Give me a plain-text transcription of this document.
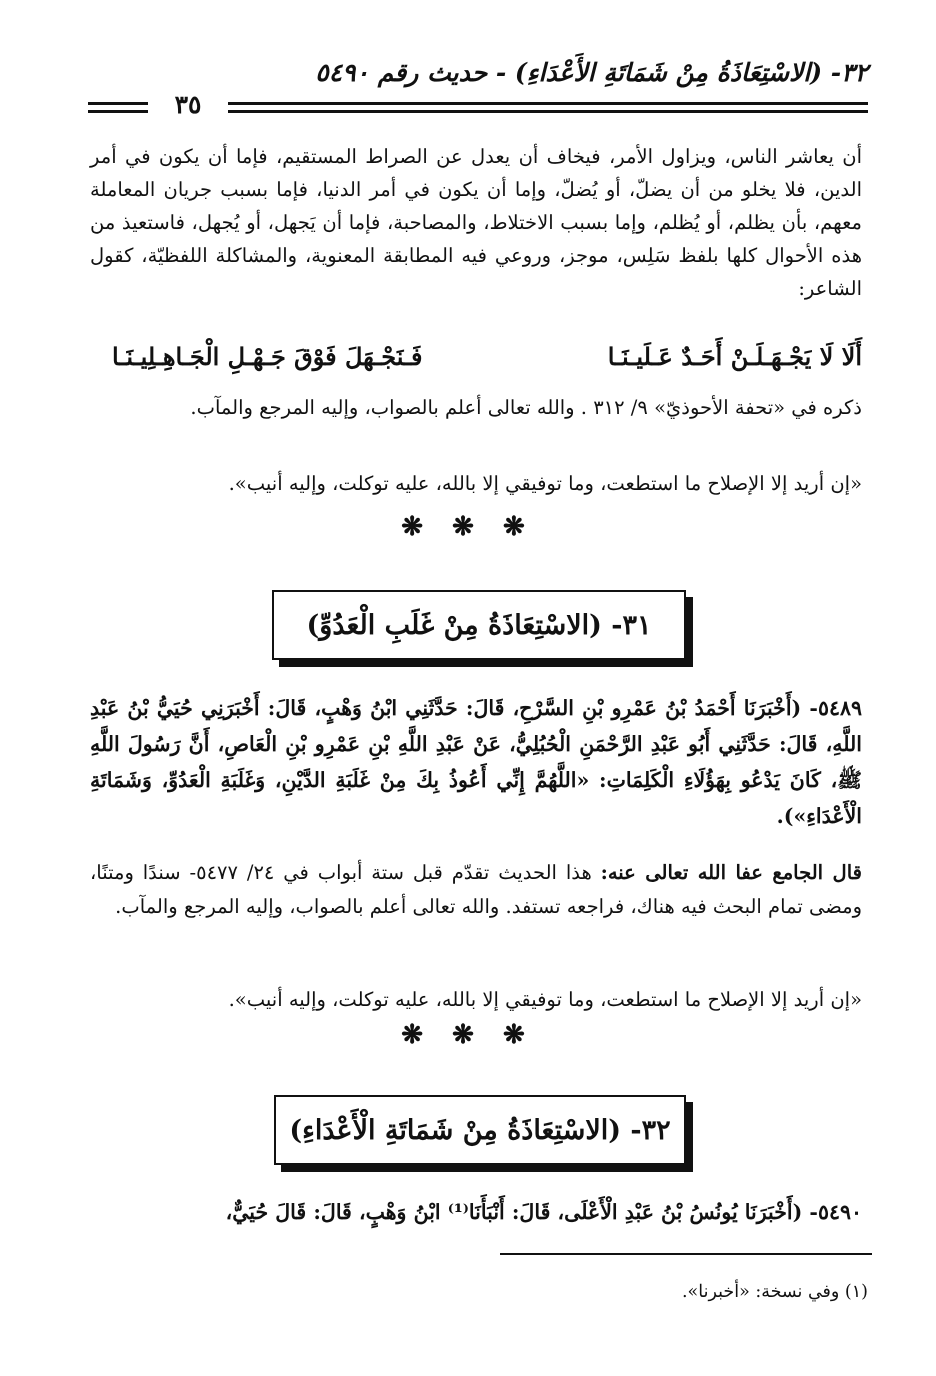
٣٢- (الاسْتِعَاذَةُ مِنْ شَمَاتَةِ الأَعْدَاءِ) - حديث رقم ٥٤٩٠
٣٥
أن يعاشر الناس، ويزاول الأمر، فيخاف أن يعدل عن الصراط المستقيم، فإما أن يكون في أمر الدين، فلا يخلو من أن يضلّ، أو يُضلّ، وإما أن يكون في أمر الدنيا، فإما بسبب جريان المعاملة معهم، بأن يظلم، أو يُظلم، وإما بسبب الاختلاط، والمصاحبة، فإما أن يَجهل، أو يُجهل، فاستعيذ من هذه الأحوال كلها بلفظ سَلِس، موجز، وروعي فيه المطابقة المعنوية، والمشاكلة اللفظيّة، كقول الشاعر:
أَلَا لَا يَجْـهَـلَـنْ أَحَـدٌ عَـلَيـنَـا
فَـنَجْـهَلَ فَوْقَ جَـهْـلِ الْجَـاهِـلِيـنَـا
ذكره في «تحفة الأحوذيّ» ٩/ ٣١٢ . والله تعالى أعلم بالصواب، وإليه المرجع والمآب.
«إن أريد إلا الإصلاح ما استطعت، وما توفيقي إلا بالله، عليه توكلت، وإليه أنيب».
❋ ❋ ❋
٣١- (الاسْتِعَاذَةُ مِنْ غَلَبِ الْعَدُوِّ)
٥٤٨٩- (أَخْبَرَنَا أَحْمَدُ بْنُ عَمْرِو بْنِ السَّرْحِ، قَالَ: حَدَّثَنِي ابْنُ وَهْبٍ، قَالَ: أَخْبَرَنِي حُيَيُّ بْنُ عَبْدِ اللَّهِ، قَالَ: حَدَّثَنِي أَبُو عَبْدِ الرَّحْمَنِ الْحُبُلِيُّ، عَنْ عَبْدِ اللَّهِ بْنِ عَمْرِو بْنِ الْعَاصِ، أَنَّ رَسُولَ اللَّهِ ﷺ، كَانَ يَدْعُو بِهَؤُلَاءِ الْكَلِمَاتِ: «اللَّهُمَّ إِنِّي أَعُوذُ بِكَ مِنْ غَلَبَةِ الدَّيْنِ، وَغَلَبَةِ الْعَدُوِّ، وَشَمَاتَةِ الْأَعْدَاءِ»).
قال الجامع عفا الله تعالى عنه: هذا الحديث تقدّم قبل ستة أبواب في ٢٤/ ٥٤٧٧- سندًا ومتنًا، ومضى تمام البحث فيه هناك، فراجعه تستفد. والله تعالى أعلم بالصواب، وإليه المرجع والمآب.
«إن أريد إلا الإصلاح ما استطعت، وما توفيقي إلا بالله، عليه توكلت، وإليه أنيب».
❋ ❋ ❋
٣٢- (الاسْتِعَاذَةُ مِنْ شَمَاتَةِ الْأَعْدَاءِ)
٥٤٩٠- (أَخْبَرَنَا يُونُسُ بْنُ عَبْدِ الْأَعْلَى، قَالَ: أَنْبَأَنَا⁽¹⁾ ابْنُ وَهْبٍ، قَالَ: قَالَ حُيَيٌّ،
(١) وفي نسخة: «أخبرنا».
